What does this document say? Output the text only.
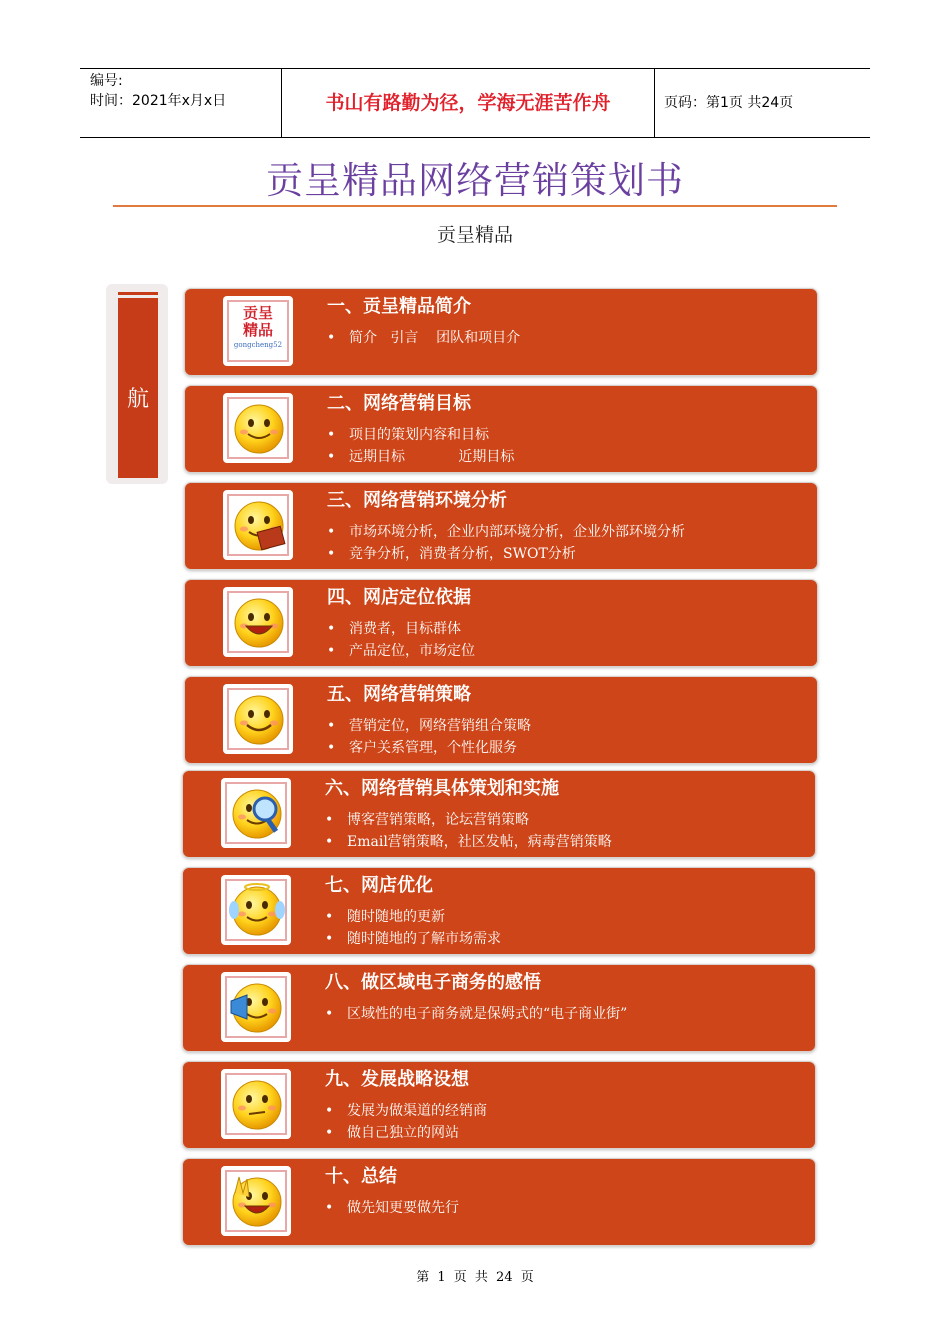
编号:
时间：2021年x月x日	书山有路勤为径，学海无涯苦作舟	页码：第1页 共24页
贡呈精品网络营销策划书
贡呈精品
航
贡呈
精品
gongcheng52
一、贡呈精品简介
• 简介   引言    团队和项目介
二、网络营销目标
• 项目的策划内容和目标
• 远期目标            近期目标
三、网络营销环境分析
• 市场环境分析，企业内部环境分析，企业外部环境分析
• 竞争分析，消费者分析，SWOT分析
四、网店定位依据
• 消费者，目标群体
• 产品定位，市场定位
五、网络营销策略
• 营销定位，网络营销组合策略
• 客户关系管理，个性化服务
六、网络营销具体策划和实施
• 博客营销策略，论坛营销策略
• Email营销策略，社区发帖，病毒营销策略
七、网店优化
• 随时随地的更新
• 随时随地的了解市场需求
八、做区域电子商务的感悟
• 区域性的电子商务就是保姆式的“电子商业街”
九、发展战略设想
• 发展为做渠道的经销商
• 做自己独立的网站
十、总结
• 做先知更要做先行
第 1 页 共 24 页
